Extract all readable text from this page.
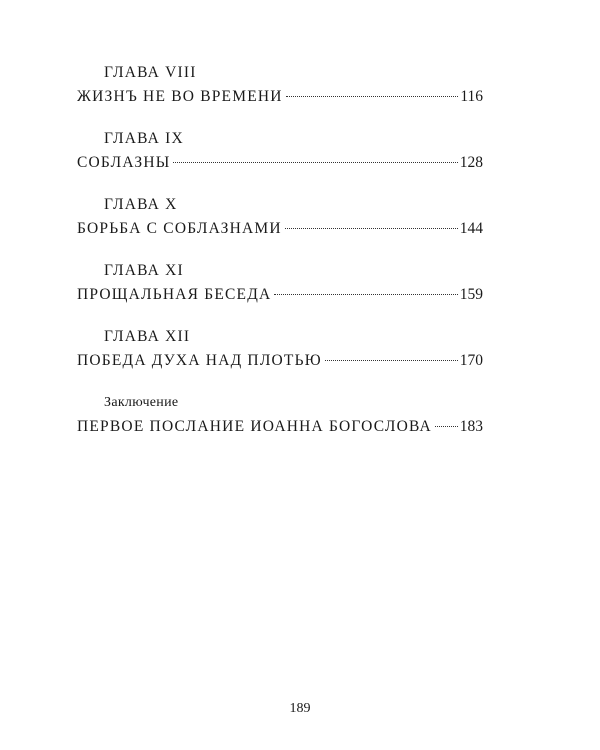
ГЛАВА VIII
ЖИЗНЪ НЕ ВО ВРЕМЕНИ	116
ГЛАВА IX
СОБЛАЗНЫ	128
ГЛАВА X
БОРЬБА С СОБЛАЗНАМИ	144
ГЛАВА XI
ПРОЩАЛЬНАЯ БЕСЕДА	159
ГЛАВА XII
ПОБЕДА ДУХА НАД ПЛОТЬЮ	170
Заключение
ПЕРВОЕ ПОСЛАНИЕ ИОАННА БОГОСЛОВА 183
189
